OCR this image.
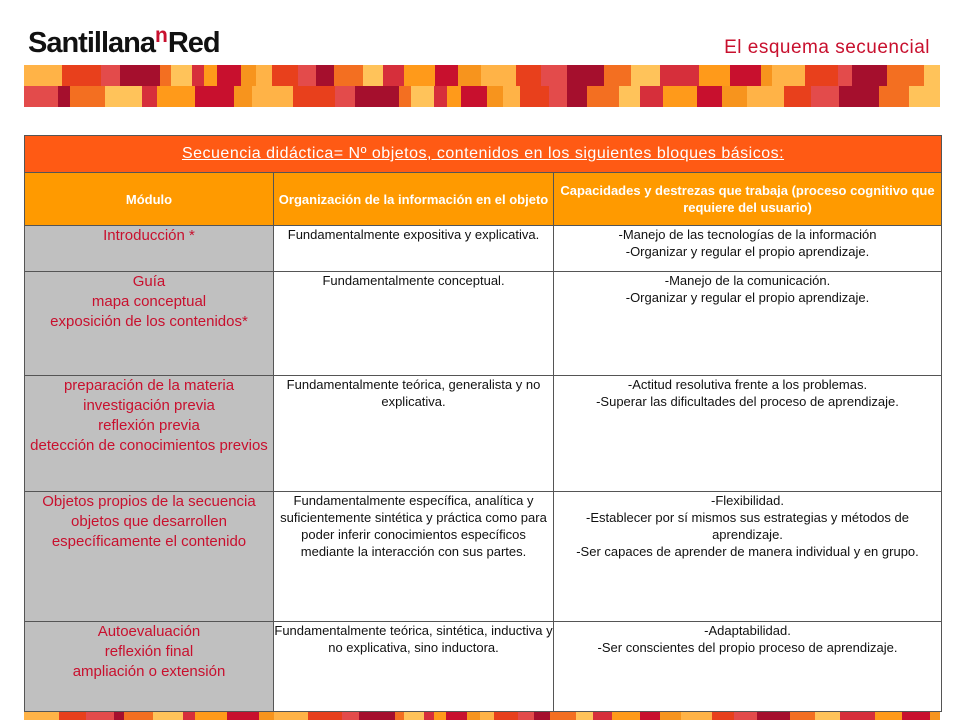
Santillana$^n$Red	El esquema secuencial
Secuencia didáctica= Nº objetos, contenidos en los siguientes bloques básicos:		
Módulo	Organización de la información en el objeto	Capacidades y destrezas que trabaja (proceso cognitivo que requiere del usuario)

Introducción *	Fundamentalmente expositiva y explicativa.	-Manejo de las tecnologías de la información
-Organizar y regular el propio aprendizaje.

Guía
mapa conceptual
exposición de los contenidos*	Fundamentalmente conceptual.	-Manejo de la comunicación.
-Organizar y regular el propio aprendizaje.

preparación de la materia
investigación previa
reflexión previa
detección de conocimientos previos	Fundamentalmente teórica, generalista y no explicativa.	-Actitud resolutiva frente a los problemas.
-Superar las dificultades del proceso de aprendizaje.

Objetos propios de la secuencia
objetos que desarrollen específicamente el contenido	Fundamentalmente específica, analítica y suficientemente sintética y práctica como para poder inferir conocimientos específicos mediante la interacción con sus partes.	-Flexibilidad.
-Establecer por sí mismos sus estrategias y métodos de aprendizaje.
-Ser capaces de aprender de manera individual y en grupo.

Autoevaluación
reflexión final
ampliación o extensión	Fundamentalmente teórica, sintética, inductiva y no explicativa, sino inductora.	-Adaptabilidad.
-Ser conscientes del propio proceso de aprendizaje.
